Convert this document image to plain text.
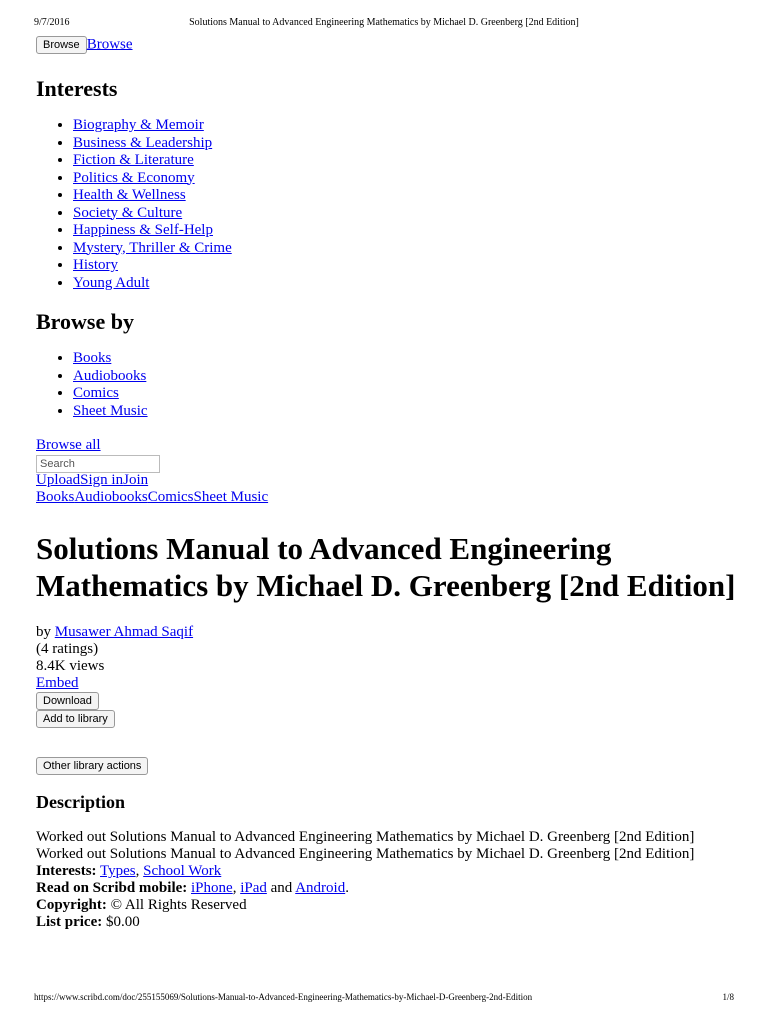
9/7/2016	Solutions Manual to Advanced Engineering Mathematics by Michael D. Greenberg [2nd Edition]
Browse Browse
Interests
• Biography & Memoir
• Business & Leadership
• Fiction & Literature
• Politics & Economy
• Health & Wellness
• Society & Culture
• Happiness & Self-Help
• Mystery, Thriller & Crime
• History
• Young Adult
Browse by
• Books
• Audiobooks
• Comics
• Sheet Music
Browse all
Search
UploadSign inJoin
BooksAudiobooksComicsSheet Music
Solutions Manual to Advanced Engineering Mathematics by Michael D. Greenberg [2nd Edition]
by Musawer Ahmad Saqif
(4 ratings)
8.4K views
Embed
Download
Add to library
Other library actions
Description
Worked out Solutions Manual to Advanced Engineering Mathematics by Michael D. Greenberg [2nd Edition]
Worked out Solutions Manual to Advanced Engineering Mathematics by Michael D. Greenberg [2nd Edition]
Interests: Types, School Work
Read on Scribd mobile: iPhone, iPad and Android.
Copyright: © All Rights Reserved
List price: $0.00
https://www.scribd.com/doc/255155069/Solutions-Manual-to-Advanced-Engineering-Mathematics-by-Michael-D-Greenberg-2nd-Edition	1/8
